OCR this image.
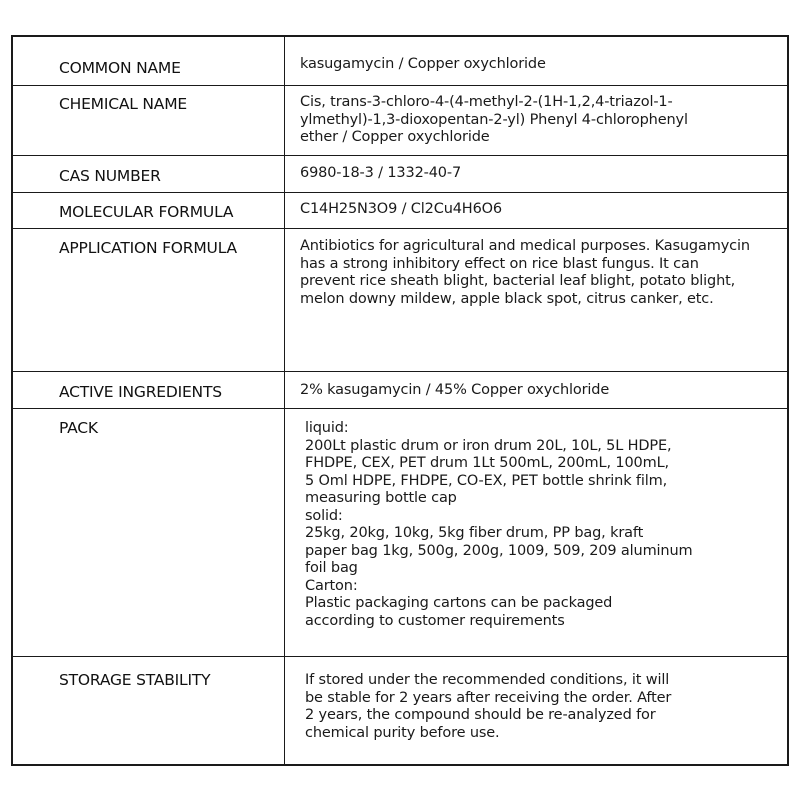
COMMON NAME	kasugamycin / Copper oxychloride
CHEMICAL NAME	Cis, trans-3-chloro-4-(4-methyl-2-(1H-1,2,4-triazol-1-
ylmethyl)-1,3-dioxopentan-2-yl) Phenyl 4-chlorophenyl
ether / Copper oxychloride
CAS NUMBER	6980-18-3 / 1332-40-7
MOLECULAR FORMULA	C14H25N3O9 / Cl2Cu4H6O6
APPLICATION FORMULA	Antibiotics for agricultural and medical purposes. Kasugamycin
has a strong inhibitory effect on rice blast fungus. It can
prevent rice sheath blight, bacterial leaf blight, potato blight,
melon downy mildew, apple black spot, citrus canker, etc.
ACTIVE INGREDIENTS	2% kasugamycin / 45% Copper oxychloride
PACK	liquid:
200Lt plastic drum or iron drum 20L, 10L, 5L HDPE,
FHDPE, CEX, PET drum 1Lt 500mL, 200mL, 100mL,
5 Oml HDPE, FHDPE, CO-EX, PET bottle shrink film,
measuring bottle cap
solid:
25kg, 20kg, 10kg, 5kg fiber drum, PP bag, kraft
paper bag 1kg, 500g, 200g, 1009, 509, 209 aluminum
foil bag
Carton:
Plastic packaging cartons can be packaged
according to customer requirements
STORAGE STABILITY	If stored under the recommended conditions, it will
be stable for 2 years after receiving the order. After
2 years, the compound should be re-analyzed for
chemical purity before use.
